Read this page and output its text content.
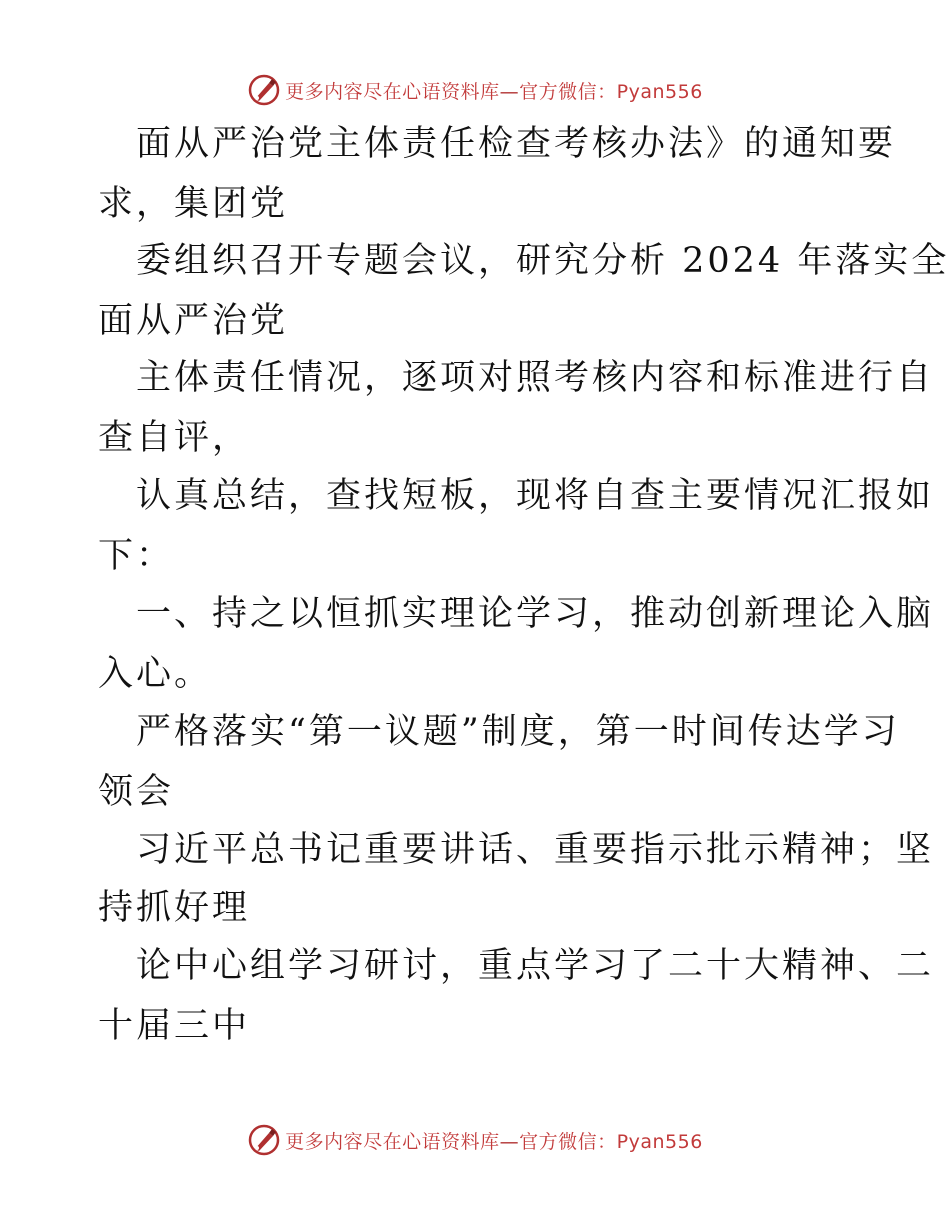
更多内容尽在心语资料库—官方微信：Pyan556
面从严治党主体责任检查考核办法》的通知要
求，集团党
委组织召开专题会议，研究分析 2024 年落实全
面从严治党
主体责任情况，逐项对照考核内容和标准进行自
查自评，
认真总结，查找短板，现将自查主要情况汇报如
下：
一、持之以恒抓实理论学习，推动创新理论入脑
入心。
严格落实“第一议题”制度，第一时间传达学习
领会
习近平总书记重要讲话、重要指示批示精神；坚
持抓好理
论中心组学习研讨，重点学习了二十大精神、二
十届三中
更多内容尽在心语资料库—官方微信：Pyan556
